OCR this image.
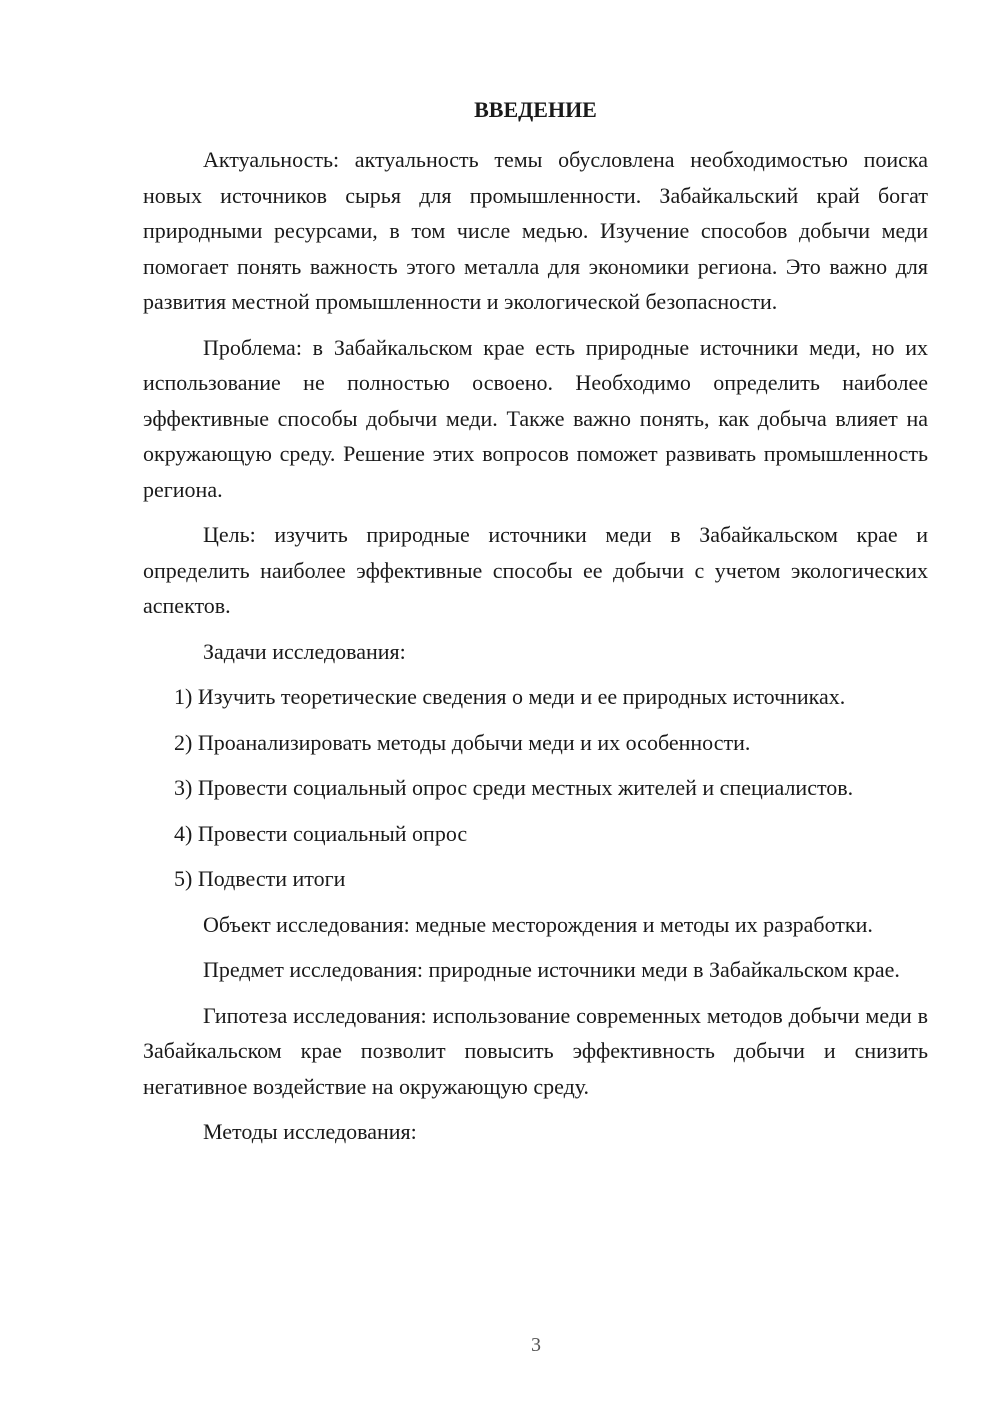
ВВЕДЕНИЕ

Актуальность: актуальность темы обусловлена необходимостью поиска новых источников сырья для промышленности. Забайкальский край богат природными ресурсами, в том числе медью. Изучение способов добычи меди помогает понять важность этого металла для экономики региона. Это важно для развития местной промышленности и экологической безопасности.

Проблема: в Забайкальском крае есть природные источники меди, но их использование не полностью освоено. Необходимо определить наиболее эффективные способы добычи меди. Также важно понять, как добыча влияет на окружающую среду. Решение этих вопросов поможет развивать промышленность региона.

Цель: изучить природные источники меди в Забайкальском крае и определить наиболее эффективные способы ее добычи с учетом экологических аспектов.

Задачи исследования:

1) Изучить теоретические сведения о меди и ее природных источниках.

2) Проанализировать методы добычи меди и их особенности.

3) Провести социальный опрос среди местных жителей и специалистов.

4) Провести социальный опрос

5) Подвести итоги

Объект исследования: медные месторождения и методы их разработки.

Предмет исследования: природные источники меди в Забайкальском крае.

Гипотеза исследования: использование современных методов добычи меди в Забайкальском крае позволит повысить эффективность добычи и снизить негативное воздействие на окружающую среду.

Методы исследования:

3
